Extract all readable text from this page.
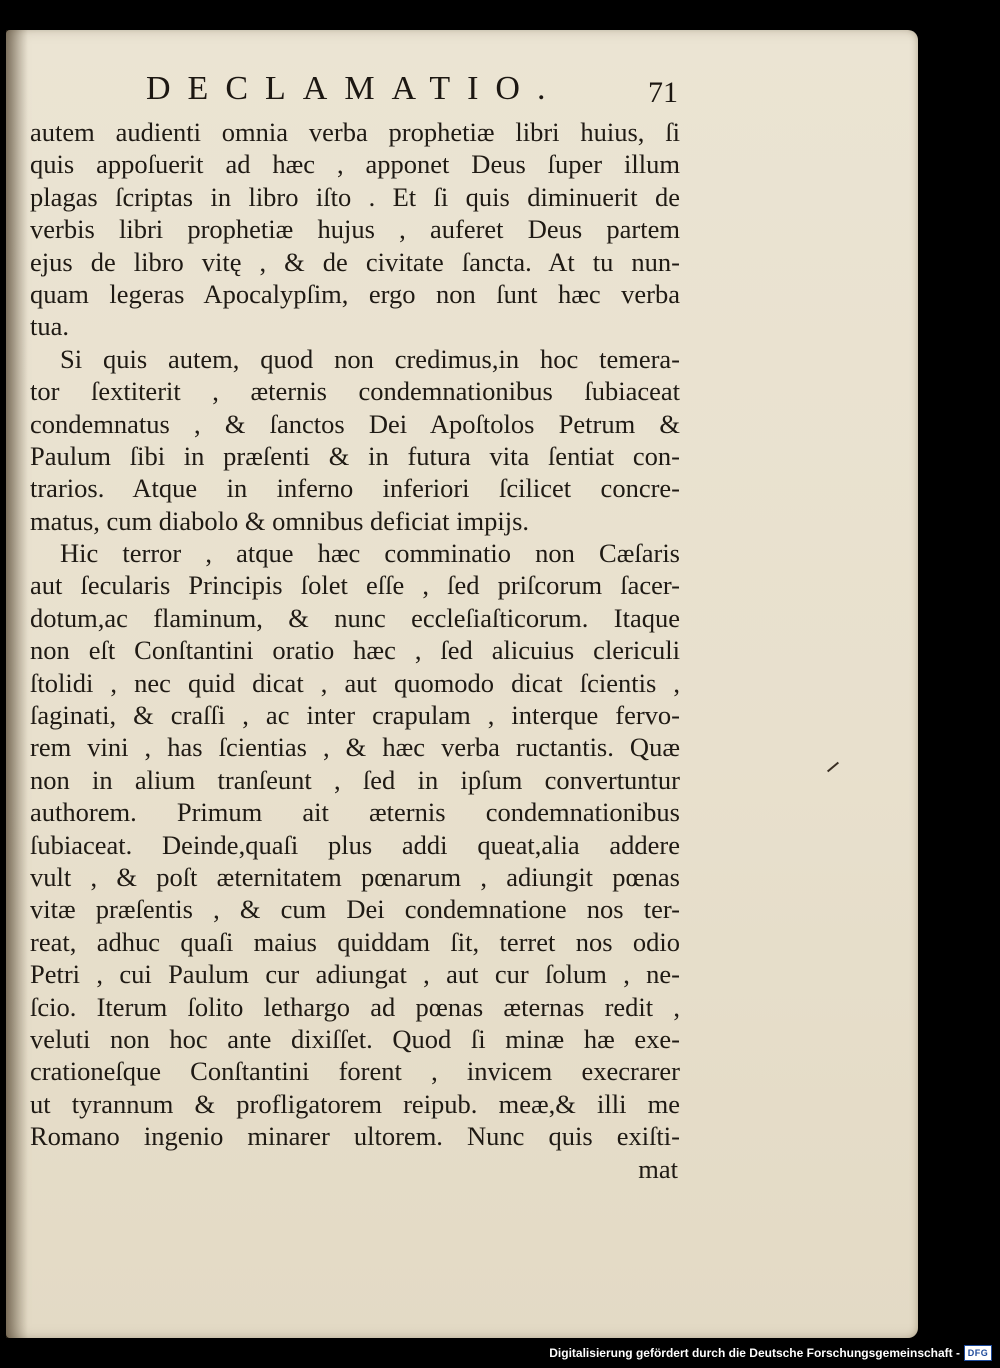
DECLAMATIO.	71
autem audienti omnia verba prophetiæ libri huius, ſi
quis appoſuerit ad hæc , apponet Deus ſuper illum
plagas ſcriptas in libro iſto . Et ſi quis diminuerit de
verbis libri prophetiæ hujus , auferet Deus partem
ejus de libro vitę , & de civitate ſancta. At tu nun-
quam legeras Apocalypſim, ergo non ſunt hæc verba
tua.
Si quis autem, quod non credimus,in hoc temera-
tor ſextiterit , æternis condemnationibus ſubiaceat
condemnatus , & ſanctos Dei Apoſtolos Petrum &
Paulum ſibi in præſenti & in futura vita ſentiat con-
trarios. Atque in inferno inferiori ſcilicet concre-
matus, cum diabolo & omnibus deficiat impijs.
Hic terror , atque hæc comminatio non Cæſaris
aut ſecularis Principis ſolet eſſe , ſed priſcorum ſacer-
dotum,ac flaminum, & nunc eccleſiaſticorum. Itaque
non eſt Conſtantini oratio hæc , ſed alicuius clericuli
ſtolidi , nec quid dicat , aut quomodo dicat ſcientis ,
ſaginati, & craſſi , ac inter crapulam , interque fervo-
rem vini , has ſcientias , & hæc verba ructantis. Quæ
non in alium tranſeunt , ſed in ipſum convertuntur
authorem. Primum ait æternis condemnationibus
ſubiaceat. Deinde,quaſi plus addi queat,alia addere
vult , & poſt æternitatem pœnarum , adiungit pœnas
vitæ præſentis , & cum Dei condemnatione nos ter-
reat, adhuc quaſi maius quiddam ſit, terret nos odio
Petri , cui Paulum cur adiungat , aut cur ſolum , ne-
ſcio. Iterum ſolito lethargo ad pœnas æternas redit ,
veluti non hoc ante dixiſſet. Quod ſi minæ hæ exe-
crationeſque Conſtantini forent , invicem execrarer
ut tyrannum & profligatorem reipub. meæ,& illi me
Romano ingenio minarer ultorem. Nunc quis exiſti-
mat
Digitalisierung gefördert durch die Deutsche Forschungsgemeinschaft - DFG
